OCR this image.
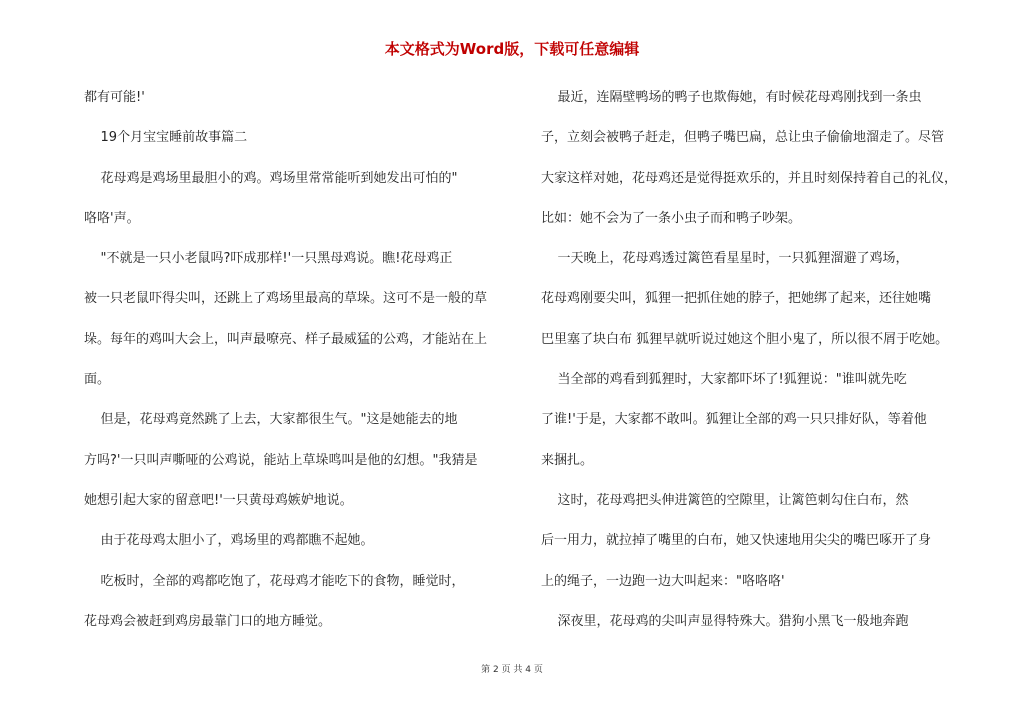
本文格式为Word版，下载可任意编辑

都有可能!'

19个月宝宝睡前故事篇二

花母鸡是鸡场里最胆小的鸡。鸡场里常常能听到她发出可怕的"

咯咯'声。

"不就是一只小老鼠吗?吓成那样!'一只黑母鸡说。瞧!花母鸡正

被一只老鼠吓得尖叫，还跳上了鸡场里最高的草垛。这可不是一般的草

垛。每年的鸡叫大会上，叫声最嘹亮、样子最威猛的公鸡，才能站在上

面。

但是，花母鸡竟然跳了上去，大家都很生气。"这是她能去的地

方吗?'一只叫声嘶哑的公鸡说，能站上草垛鸣叫是他的幻想。"我猜是

她想引起大家的留意吧!'一只黄母鸡嫉妒地说。

由于花母鸡太胆小了，鸡场里的鸡都瞧不起她。

吃板时，全部的鸡都吃饱了，花母鸡才能吃下的食物，睡觉时，

花母鸡会被赶到鸡房最靠门口的地方睡觉。

最近，连隔壁鸭场的鸭子也欺侮她，有时候花母鸡刚找到一条虫

子，立刻会被鸭子赶走，但鸭子嘴巴扁，总让虫子偷偷地溜走了。尽管

大家这样对她，花母鸡还是觉得挺欢乐的，并且时刻保持着自己的礼仪，

比如：她不会为了一条小虫子而和鸭子吵架。

一天晚上，花母鸡透过篱笆看星星时，一只狐狸溜避了鸡场，

花母鸡刚要尖叫，狐狸一把抓住她的脖子，把她绑了起来，还往她嘴

巴里塞了块白布 狐狸早就听说过她这个胆小鬼了，所以很不屑于吃她。

当全部的鸡看到狐狸时，大家都吓坏了!狐狸说："谁叫就先吃

了谁!'于是，大家都不敢叫。狐狸让全部的鸡一只只排好队，等着他

来捆扎。

这时，花母鸡把头伸进篱笆的空隙里，让篱笆刺勾住白布，然

后一用力，就拉掉了嘴里的白布，她又快速地用尖尖的嘴巴啄开了身

上的绳子，一边跑一边大叫起来："咯咯咯'

深夜里，花母鸡的尖叫声显得特殊大。猎狗小黑飞一般地奔跑

第 2 页 共 4 页
